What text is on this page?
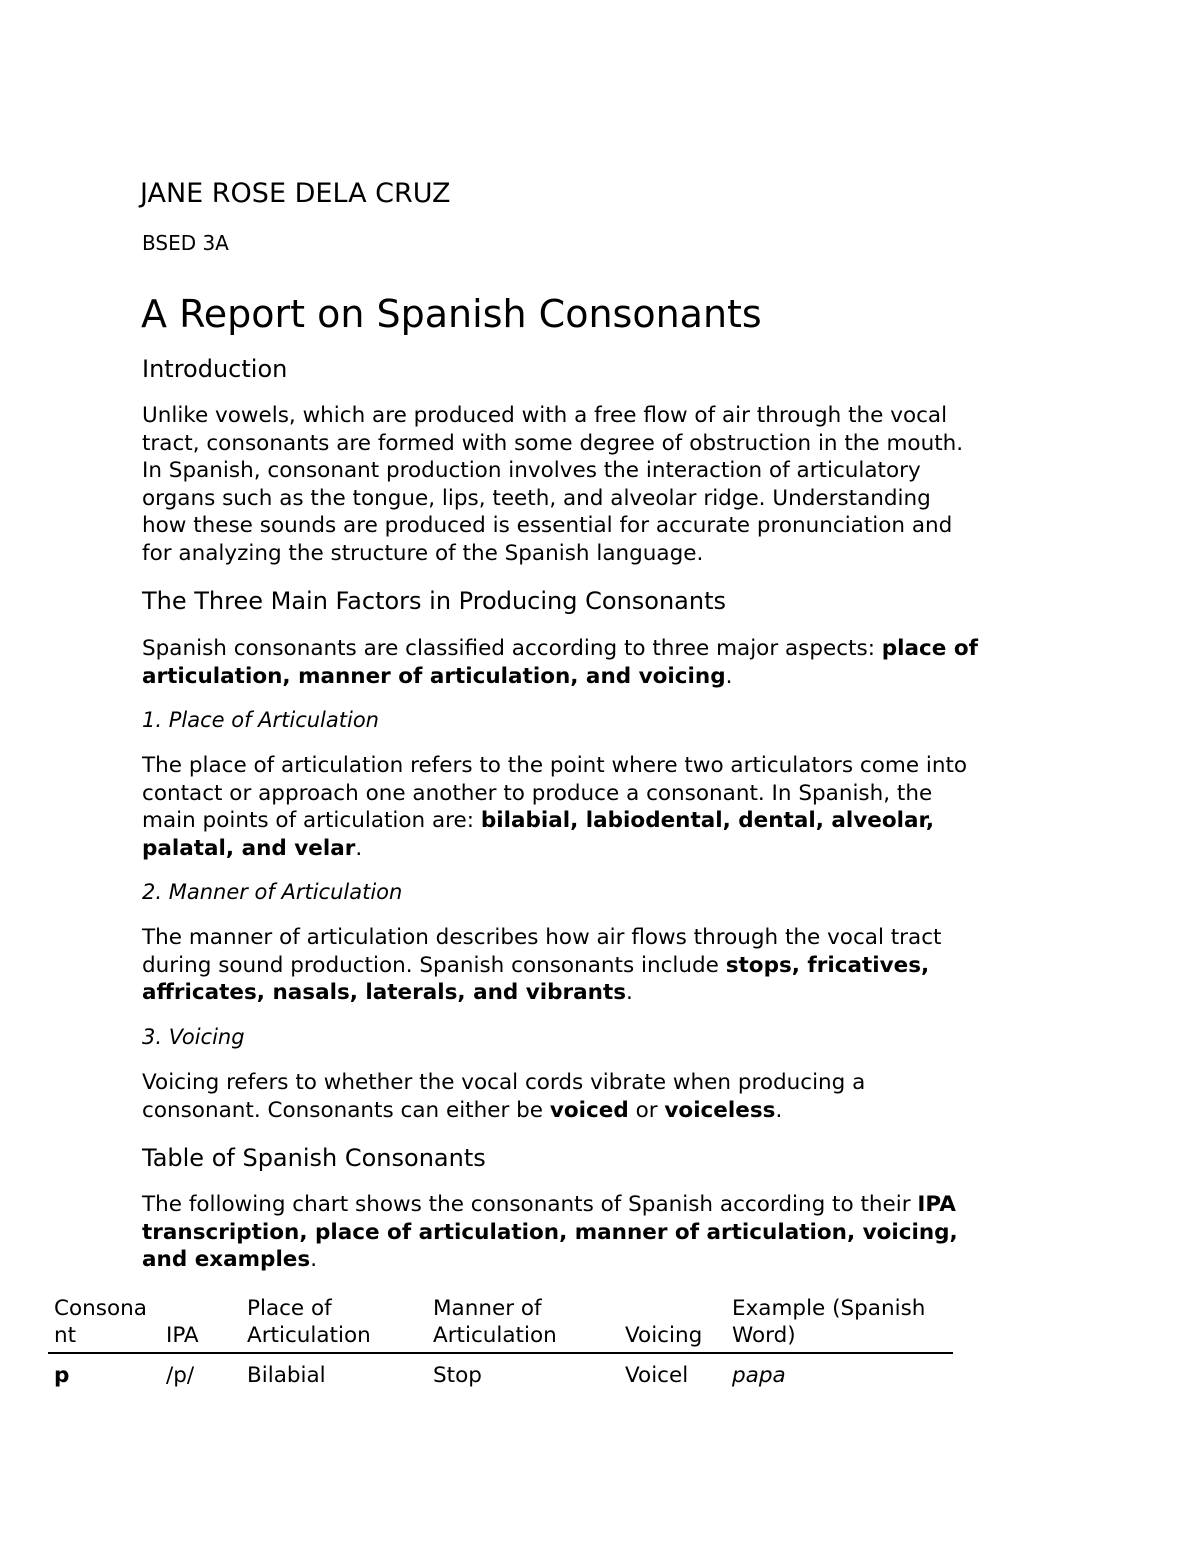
JANE ROSE DELA CRUZ
BSED 3A
A Report on Spanish Consonants
Introduction
Unlike vowels, which are produced with a free flow of air through the vocal
tract, consonants are formed with some degree of obstruction in the mouth.
In Spanish, consonant production involves the interaction of articulatory
organs such as the tongue, lips, teeth, and alveolar ridge. Understanding
how these sounds are produced is essential for accurate pronunciation and
for analyzing the structure of the Spanish language.
The Three Main Factors in Producing Consonants
Spanish consonants are classified according to three major aspects: place of
articulation, manner of articulation, and voicing.
1. Place of Articulation
The place of articulation refers to the point where two articulators come into
contact or approach one another to produce a consonant. In Spanish, the
main points of articulation are: bilabial, labiodental, dental, alveolar,
palatal, and velar.
2. Manner of Articulation
The manner of articulation describes how air flows through the vocal tract
during sound production. Spanish consonants include stops, fricatives,
affricates, nasals, laterals, and vibrants.
3. Voicing
Voicing refers to whether the vocal cords vibrate when producing a
consonant. Consonants can either be voiced or voiceless.
Table of Spanish Consonants
The following chart shows the consonants of Spanish according to their IPA
transcription, place of articulation, manner of articulation, voicing,
and examples.
Consonant	IPA	Place of Articulation	Manner of Articulation	Voicing	Example (Spanish Word)
p	/p/	Bilabial	Stop	Voicel	papa
